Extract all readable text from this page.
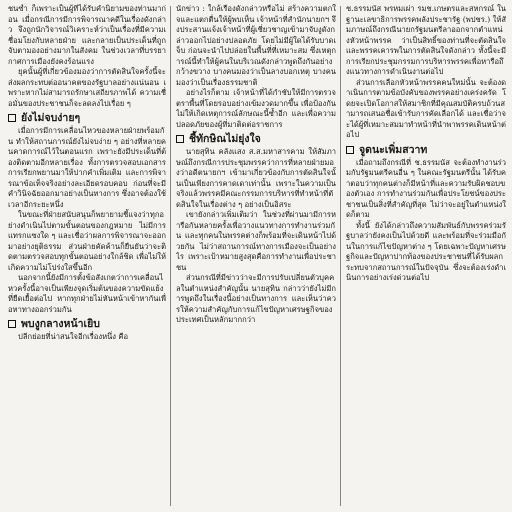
ชนซ้ำ ก็เพราะเป็นผู้ที่ได้รับคำนิยามของท่านมาก่อน เมื่อกรณีการมีการพิจารณาคดีในเรื่องดังกล่าว จึงถูกนักวิจารณ์วิเคราะห์ว่าเป็นเรื่องที่มีความเชื่อมโยงกับหลายฝ่าย และกลายเป็นประเด็นที่ถูกจับตามองอย่างมากในสังคม ในช่วงเวลาที่บรรยากาศการเมืองยังคงร้อนแรง

ยุคนั้นผู้ที่เกี่ยวข้องมองว่าการตัดสินใจครั้งนี้จะส่งผลกระทบต่ออนาคตของรัฐบาลอย่างแน่นอน เพราะหากไม่สามารถรักษาเสถียรภาพได้ ความเชื่อมั่นของประชาชนก็จะลดลงไปเรื่อย ๆ

ยังไม่จบง่ายๆ

เมื่อการมีการเคลื่อนไหวของหลายฝ่ายพร้อมกัน ทำให้สถานการณ์ยังไม่จบง่าย ๆ อย่างที่หลายคนคาดการณ์ไว้ในตอนแรก เพราะยังมีประเด็นที่ต้องติดตามอีกหลายเรื่อง ทั้งการตรวจสอบเอกสาร การเรียกพยานมาให้ปากคำเพิ่มเติม และการพิจารณาข้อเท็จจริงอย่างละเอียดรอบคอบ ก่อนที่จะมีคำวินิจฉัยออกมาอย่างเป็นทางการ ซึ่งอาจต้องใช้เวลาอีกระยะหนึ่ง

ในขณะที่ฝ่ายสนับสนุนก็พยายามชี้แจงว่าทุกอย่างดำเนินไปตามขั้นตอนของกฎหมาย ไม่มีการแทรกแซงใด ๆ และเชื่อว่าผลการพิจารณาจะออกมาอย่างยุติธรรม ส่วนฝ่ายคัดค้านก็ยืนยันว่าจะติดตามตรวจสอบทุกขั้นตอนอย่างใกล้ชิด เพื่อไม่ให้เกิดความไม่โปร่งใสขึ้นอีก

นอกจากนี้ยังมีการตั้งข้อสังเกตว่าการเคลื่อนไหวครั้งนี้อาจเป็นเพียงจุดเริ่มต้นของความขัดแย้งที่ยืดเยื้อต่อไป หากทุกฝ่ายไม่หันหน้าเข้าหากันเพื่อหาทางออกร่วมกัน

พบงูกลางหน้าเยิบ

ปลีกย่อยที่น่าสนใจอีกเรื่องหนึ่ง คือ

นักข่าว : ใกล้เรื่องดังกล่าวหรือไม่ สร้างความตกใจและแตกตื่นให้ผู้พบเห็น เจ้าหน้าที่สำนักนายกฯ จึงประสานแจ้งเจ้าหน้าที่ผู้เชี่ยวชาญเข้ามาจับงูดังกล่าวออกไปอย่างปลอดภัย โดยไม่มีผู้ใดได้รับบาดเจ็บ ก่อนจะนำไปปล่อยในพื้นที่ที่เหมาะสม ซึ่งเหตุการณ์นี้ทำให้ผู้คนในบริเวณดังกล่าวพูดถึงกันอย่างกว้างขวาง บางคนมองว่าเป็นลางบอกเหตุ บางคนมองว่าเป็นเรื่องธรรมชาติ

อย่างไรก็ตาม เจ้าหน้าที่ได้กำชับให้มีการตรวจตราพื้นที่โดยรอบอย่างเข้มงวดมากขึ้น เพื่อป้องกันไม่ให้เกิดเหตุการณ์ลักษณะนี้ซ้ำอีก และเพื่อความปลอดภัยของผู้ที่มาติดต่อราชการ

ชี้ทักษิณไม่ยุ่งใจ

นายสุทิน คลังแสง ส.ส.มหาสารคาม ให้สัมภาษณ์ถึงกรณีการประชุมพรรคว่าการที่หลายฝ่ายมองว่าอดีตนายกฯ เข้ามาเกี่ยวข้องกับการตัดสินใจนั้นเป็นเพียงการคาดเดาเท่านั้น เพราะในความเป็นจริงแล้วพรรคมีคณะกรรมการบริหารที่ทำหน้าที่ตัดสินใจในเรื่องต่าง ๆ อย่างเป็นอิสระ

เขายังกล่าวเพิ่มเติมว่า ในช่วงที่ผ่านมามีการหารือกันหลายครั้งเพื่อวางแนวทางการทำงานร่วมกัน และทุกคนในพรรคต่างก็พร้อมที่จะเดินหน้าไปด้วยกัน ไม่ว่าสถานการณ์ทางการเมืองจะเป็นอย่างไร เพราะเป้าหมายสูงสุดคือการทำงานเพื่อประชาชน

ส่วนกรณีที่มีข่าวว่าจะมีการปรับเปลี่ยนตัวบุคคลในตำแหน่งสำคัญนั้น นายสุทิน กล่าวว่ายังไม่มีการพูดถึงในเรื่องนี้อย่างเป็นทางการ และเห็นว่าควรให้ความสำคัญกับการแก้ไขปัญหาเศรษฐกิจของประเทศเป็นหลักมากกว่า

ช.ธรรมนัส พรหมเผ่า รมช.เกษตรและสหกรณ์ ในฐานะเลขาธิการพรรคพลังประชารัฐ (พปชร.) ให้สัมภาษณ์ถึงกรณีนายกรัฐมนตรีลาออกจากตำแหน่งหัวหน้าพรรค ว่าเป็นสิทธิ์ของท่านที่จะตัดสินใจ และพรรคเคารพในการตัดสินใจดังกล่าว ทั้งนี้จะมีการเรียกประชุมกรรมการบริหารพรรคเพื่อหารือถึงแนวทางการดำเนินงานต่อไป

ส่วนการเลือกหัวหน้าพรรคคนใหม่นั้น จะต้องดำเนินการตามข้อบังคับของพรรคอย่างเคร่งครัด โดยจะเปิดโอกาสให้สมาชิกที่มีคุณสมบัติครบถ้วนสามารถเสนอชื่อเข้ารับการคัดเลือกได้ และเชื่อว่าจะได้ผู้ที่เหมาะสมมาทำหน้าที่นำพาพรรคเดินหน้าต่อไป

จูดนะเพิ่มสวาท

เมื่อถามถึงกรณีที่ ช.ธรรมนัส จะต้องทำงานร่วมกับรัฐมนตรีคนอื่น ๆ ในคณะรัฐมนตรีนั้น ได้รับคำตอบว่าทุกคนต่างก็มีหน้าที่และความรับผิดชอบของตัวเอง การทำงานร่วมกันเพื่อประโยชน์ของประชาชนเป็นสิ่งที่สำคัญที่สุด ไม่ว่าจะอยู่ในตำแหน่งใดก็ตาม

ทั้งนี้ ยังได้กล่าวถึงความสัมพันธ์กับพรรคร่วมรัฐบาลว่ายังคงเป็นไปด้วยดี และพร้อมที่จะร่วมมือกันในการแก้ไขปัญหาต่าง ๆ โดยเฉพาะปัญหาเศรษฐกิจและปัญหาปากท้องของประชาชนที่ได้รับผลกระทบจากสถานการณ์ในปัจจุบัน ซึ่งจะต้องเร่งดำเนินการอย่างเร่งด่วนต่อไป
